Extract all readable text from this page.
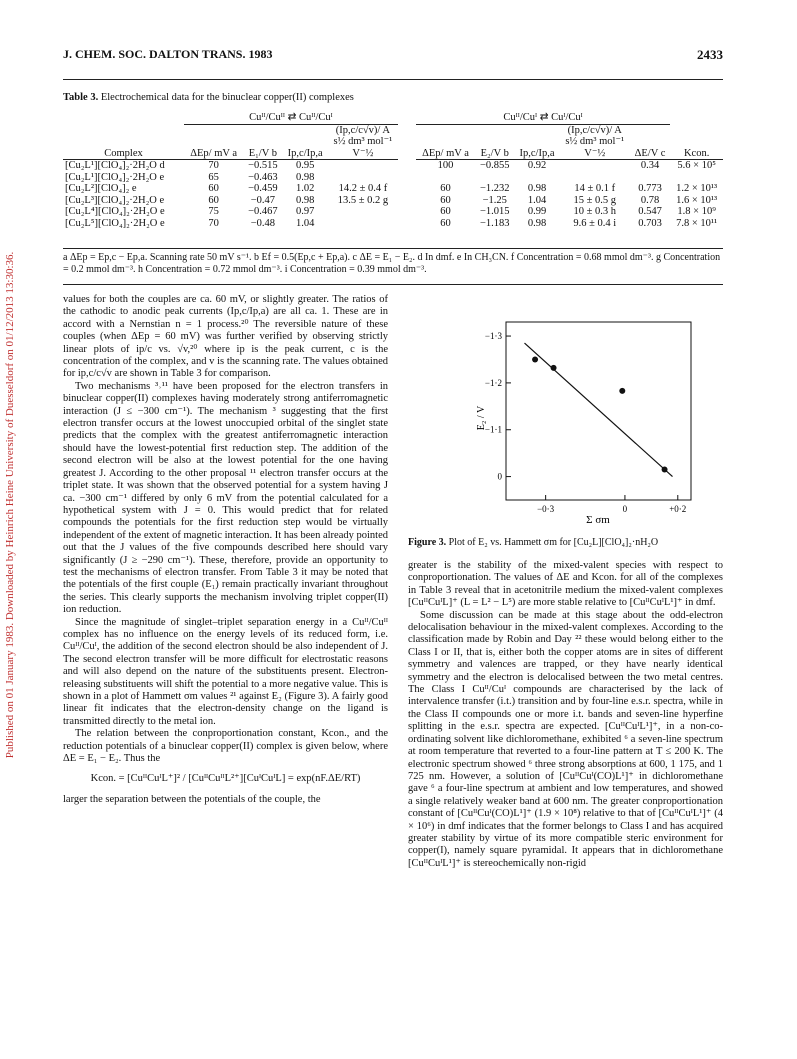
Published on 01 January 1983. Downloaded by Heinrich Heine University of Duesseldorf on 01/12/2013 13:30:36.
J. CHEM. SOC. DALTON TRANS. 1983	2433
Table 3. Electrochemical data for the binuclear copper(II) complexes
	Cuᴵᴵ/Cuᴵᴵ ⇄ Cuᴵᴵ/Cuᴵ					Cuᴵᴵ/Cuᴵ ⇄ Cuᴵ/Cuᴵ					
Complex	ΔEp/ mV a	E₁/V b	Ip,c/Ip,a	(Ip,c/c√v)/ A s½ dm³ mol⁻¹ V⁻½		ΔEp/ mV a	E₂/V b	Ip,c/Ip,a	(Ip,c/c√v)/ A s½ dm³ mol⁻¹ V⁻½	ΔE/V c	Kcon.
[Cu₂L¹][ClO₄]₂·2H₂O d	70	−0.515	0.95			100	−0.855	0.92		0.34	5.6 × 10⁵
[Cu₂L¹][ClO₄]₂·2H₂O e	65	−0.463	0.98								
[Cu₂L²][ClO₄]₂ e	60	−0.459	1.02	14.2 ± 0.4 f		60	−1.232	0.98	14 ± 0.1 f	0.773	1.2 × 10¹³
[Cu₂L³][ClO₄]₂·2H₂O e	60	−0.47	0.98	13.5 ± 0.2 g		60	−1.25	1.04	15 ± 0.5 g	0.78	1.6 × 10¹³
[Cu₂L⁴][ClO₄]₂·2H₂O e	75	−0.467	0.97			60	−1.015	0.99	10 ± 0.3 h	0.547	1.8 × 10⁹
[Cu₂L⁵][ClO₄]₂·2H₂O e	70	−0.48	1.04			60	−1.183	0.98	9.6 ± 0.4 i	0.703	7.8 × 10¹¹
a ΔEp = Ep,c − Ep,a. Scanning rate 50 mV s⁻¹. b Ef = 0.5(Ep,c + Ep,a). c ΔE = E₁ − E₂. d In dmf. e In CH₃CN. f Concentration = 0.68 mmol dm⁻³. g Concentration = 0.2 mmol dm⁻³. h Concentration = 0.72 mmol dm⁻³. i Concentration = 0.39 mmol dm⁻³.

values for both the couples are ca. 60 mV, or slightly greater. The ratios of the cathodic to anodic peak currents (Ip,c/Ip,a) are all ca. 1. These are in accord with a Nernstian n = 1 process.²⁰ The reversible nature of these couples (when ΔEp = 60 mV) was further verified by observing strictly linear plots of ip/c vs. √v,²⁰ where ip is the peak current, c is the concentration of the complex, and v is the scanning rate. The values obtained for ip,c/c√v are shown in Table 3 for comparison.

Two mechanisms ³˒¹¹ have been proposed for the electron transfers in binuclear copper(II) complexes having moderately strong antiferromagnetic interaction (J ≤ −300 cm⁻¹). The mechanism ³ suggesting that the first electron transfer occurs at the lowest unoccupied orbital of the singlet state predicts that the complex with the greatest antiferromagnetic interaction should have the lowest-potential first reduction step. The addition of the second electron will be also at the lowest potential for the one having greatest J. According to the other proposal ¹¹ electron transfer occurs at the triplet state. It was shown that the observed potential for a system having J ca. −300 cm⁻¹ differed by only 6 mV from the potential calculated for a hypothetical system with J = 0. This would predict that for related compounds the potentials for the first reduction step would be virtually independent of the extent of magnetic interaction. It has been already pointed out that the J values of the five compounds described here should vary significantly (J ≥ −290 cm⁻¹). These, therefore, provide an opportunity to test the mechanisms of electron transfer. From Table 3 it may be noted that the potentials of the first couple (E₁) remain practically invariant throughout the series. This clearly supports the mechanism involving triplet copper(II) ion reduction.

Since the magnitude of singlet–triplet separation energy in a Cuᴵᴵ/Cuᴵᴵ complex has no influence on the energy levels of its reduced form, i.e. Cuᴵᴵ/Cuᴵ, the addition of the second electron should be also independent of J. The second electron transfer will be more difficult for electrostatic reasons and will also depend on the nature of the substituents present. Electron-releasing substituents will shift the potential to a more negative value. This is shown in a plot of Hammett σm values ²¹ against E₂ (Figure 3). A fairly good linear fit indicates that the electron-density change on the ligand is transmitted directly to the metal ion.

The relation between the conproportionation constant, Kcon., and the reduction potentials of a binuclear copper(II) complex is given below, where ΔE = E₁ − E₂. Thus the

Kcon. = [CuᴵᴵCuᴵL⁺]² / [CuᴵᴵCuᴵᴵL²⁺][CuᴵCuᴵL] = exp(nF.ΔE/RT)

larger the separation between the potentials of the couple, the

E₂ / V
Σ σm
−1·3
−1·2
−1·1
0
−0·3	0	+0·2
Figure 3. Plot of E₂ vs. Hammett σm for [Cu₂L][ClO₄]₂·nH₂O

greater is the stability of the mixed-valent species with respect to conproportionation. The values of ΔE and Kcon. for all of the complexes in Table 3 reveal that in acetonitrile medium the mixed-valent complexes [CuᴵᴵCuᴵL]⁺ (L = L² − L⁵) are more stable relative to [CuᴵᴵCuᴵL¹]⁺ in dmf.

Some discussion can be made at this stage about the odd-electron delocalisation behaviour in the mixed-valent complexes. According to the classification made by Robin and Day ²² these would belong either to the Class I or II, that is, either both the copper atoms are in sites of different symmetry and valences are trapped, or they have nearly identical symmetry and the electron is delocalised between the two metal centres. The Class I Cuᴵᴵ/Cuᴵ compounds are characterised by the lack of intervalence transfer (i.t.) transition and by four-line e.s.r. spectra, while in the Class II compounds one or more i.t. bands and seven-line hyperfine splitting in the e.s.r. spectra are expected. [CuᴵᴵCuᴵL¹]⁺, in a non-co-ordinating solvent like dichloromethane, exhibited ⁶ a seven-line spectrum at room temperature that reverted to a four-line pattern at T ≤ 200 K. The electronic spectrum showed ⁶ three strong absorptions at 600, 1 175, and 1 725 nm. However, a solution of [CuᴵᴵCuᴵ(CO)L¹]⁺ in dichloromethane gave ⁶ a four-line spectrum at ambient and low temperatures, and showed a single relatively weaker band at 600 nm. The greater conproportionation constant of [CuᴵᴵCuᴵ(CO)L¹]⁺ (1.9 × 10⁸) relative to that of [CuᴵᴵCuᴵL¹]⁺ (4 × 10⁶) in dmf indicates that the former belongs to Class I and has acquired greater stability by virtue of its more compatible steric environment for copper(I), namely square pyramidal. It appears that in dichloromethane [CuᴵᴵCuᴵL¹]⁺ is stereochemically non-rigid
